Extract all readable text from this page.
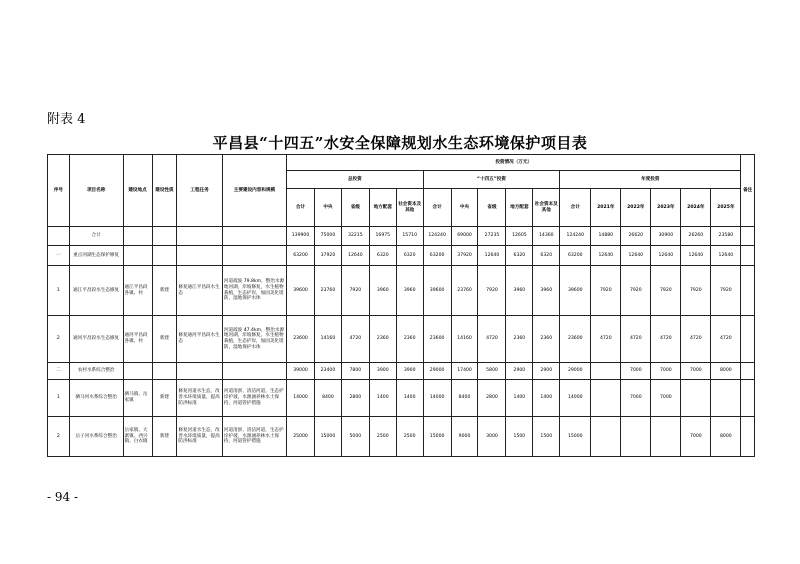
附表 4
平昌县“十四五”水安全保障规划水生态环境保护项目表
序号	项目名称	建设地点	建设性质	工程任务	主要建设内容和规模	投资情况（万元）																备注
						总投资					“十四五”投资					年度投资						
						合计	中央	省级	地方配套	社会资本及其他	合计	中央	省级	地方配套	社会资本及其他	合计	2021年	2022年	2023年	2024年	2025年	
	合计					139900	75000	32215	16975	15710	124240	69000	27235	12605	14360	124240	14880	26620	30900	26260	23580	
一	重点河湖生态保护修复					63200	37920	12640	6320	6320	63200	37920	12640	6320	6320	63200	12640	12640	12640	12640	12640	
1	通江平昌段水生态修复	通江平昌段各镇、村	新建	修复通江平昌段水生态	河道疏浚 79.8km，整治水源地河湖，岸坡修复，水生植物栽植，生态护岸，加固美化堤防，湿地保护水体	39600	23760	7920	3960	3960	39600	23760	7920	3960	3960	39600	7920	7920	7920	7920	7920	
2	通河平昌段水生态修复	通河平昌段各镇、村	新建	修复通河平昌段水生态	河道疏浚 47.4km，整治水源地河湖，岸坡修复，水生植物栽植，生态护岸，加固美化堤防，湿地保护水体	23600	14160	4720	2360	2360	23600	14160	4720	2360	2360	23600	4720	4720	4720	4720	4720	
二	农村水系综合整治					39000	23400	7800	3900	3900	29000	17400	5800	2900	2900	29000		7000	7000	7000	8000	
1	驷马河水系综合整治	驷马镇、岳家镇	新建	修复河道水生态，改善水环境质量，提高防洪标准	河道清淤、清洁河道，生态护岸护坡，水源涵养林水土保持，河道管护措施	14000	8400	2800	1400	1400	14000	8400	2800	1400	1400	14000		7000	7000			
2	岳子河水系综合整治	岳家镇、大寨镇、西兴镇、白衣镇	新建	修复河道水生态，改善水环境质量，提高防洪标准	河道清淤、清洁河道，生态护岸护坡，水源涵养林水土保持，河道管护措施	25000	15000	5000	2500	2500	15000	9000	3000	1500	1500	15000				7000	8000	
- 94 -
